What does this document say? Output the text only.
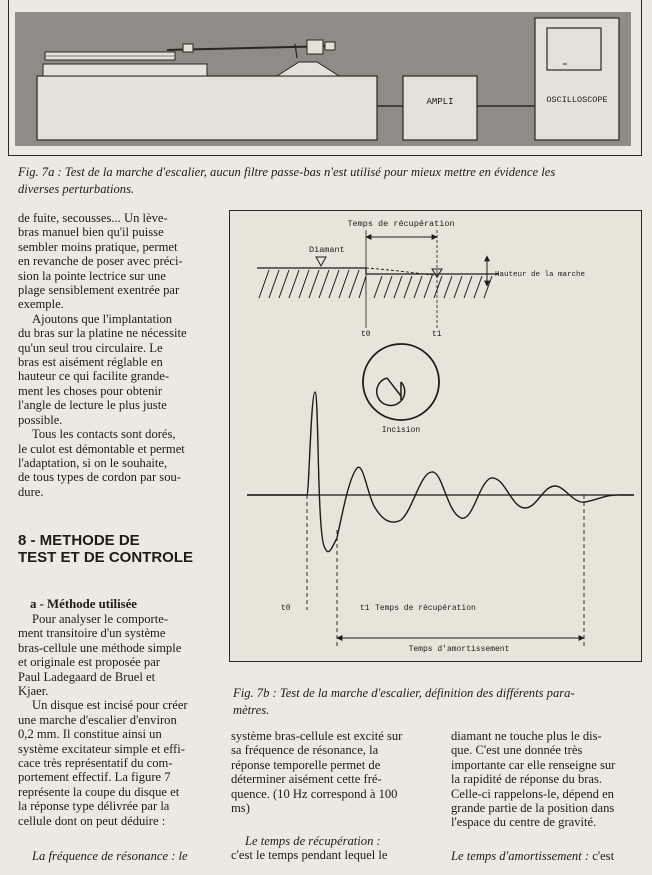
AMPLI	OSCILLOSCOPE
Fig. 7a : Test de la marche d'escalier, aucun filtre passe-bas n'est utilisé pour mieux mettre en évidence les
diverses perturbations.
Temps de récupération
Diamant
Hauteur de la marche
t0	t1
Incision
t0	t1 Temps de récupération
Temps d'amortissement
Fig. 7b : Test de la marche d'escalier, définition des différents para-
mètres.

de fuite, secousses... Un lève-

bras manuel bien qu'il puisse

sembler moins pratique, permet

en revanche de poser avec préci-

sion la pointe lectrice sur une

plage sensiblement exentrée par

exemple.

Ajoutons que l'implantation

du bras sur la platine ne nécessite

qu'un seul trou circulaire. Le

bras est aisément réglable en

hauteur ce qui facilite grande-

ment les choses pour obtenir

l'angle de lecture le plus juste

possible.

Tous les contacts sont dorés,

le culot est démontable et permet

l'adaptation, si on le souhaite,

de tous types de cordon par sou-

dure.

8 - METHODE DE
TEST ET DE CONTROLE
a - Méthode utilisée

Pour analyser le comporte-

ment transitoire d'un système

bras-cellule une méthode simple

et originale est proposée par

Paul Ladegaard de Bruel et

Kjaer.

Un disque est incisé pour créer

une marche d'escalier d'environ

0,2 mm. Il constitue ainsi un

système excitateur simple et effi-

cace très représentatif du com-

portement effectif. La figure 7

représente la coupe du disque et

la réponse type délivrée par la

cellule dont on peut déduire :

La fréquence de résonance : le

système bras-cellule est excité sur

sa fréquence de résonance, la

réponse temporelle permet de

déterminer aisément cette fré-

quence. (10 Hz correspond à 100

ms)

Le temps de récupération :

c'est le temps pendant lequel le

diamant ne touche plus le dis-

que. C'est une donnée très

importante car elle renseigne sur

la rapidité de réponse du bras.

Celle-ci rappelons-le, dépend en

grande partie de la position dans

l'espace du centre de gravité.

Le temps d'amortissement : c'est
